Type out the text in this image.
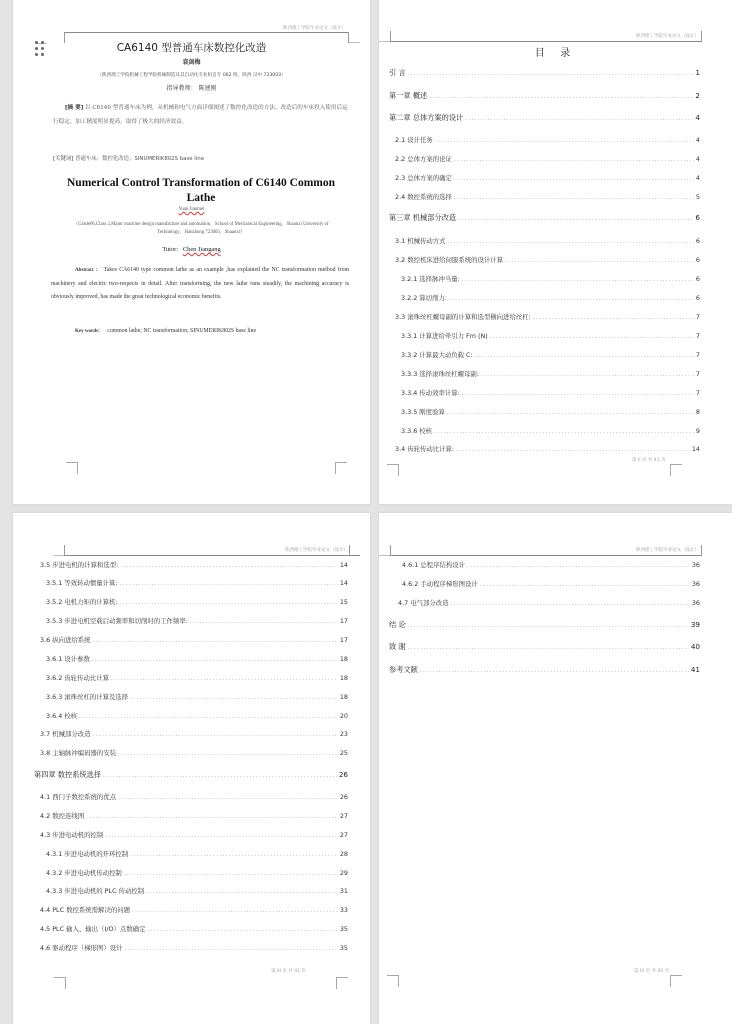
陕西理工学院毕业论文（设计）
CA6140 型普通车床数控化改造
袁剑梅
（陕西理工学院机械工程学院机械制造及其自动化专业机自专 062 班，陕西 汉中 723003）
指导教师： 陈建刚
[摘 要] 以 C6140 型普通车床为例，从机械和电气方面详细阐述了数控化改造的方法。改造后的车床投入使用后运行稳定，加工精度明显提高，取得了极大的经济效益。
[关键词] 普通车床；数控化改造；SINUMERIK802S base line
Numerical Control Transformation of C6140 Common Lathe
Yuan Jianmei
（Grade06,Class 2,Major machine design manufacture and automation，School of Mechanical Engineering，Shaanxi University of Technology，Hanzhong 723003，Shaanxi）
Tutor: Chen Jiangang
Abstract ： Takes CA6140 type common lathe as an example ,has explained the NC transformation method from machinery and electric two-respects in detail. After transforming, the new lathe runs steadily, the machining accuracy is obviously improved, has made the great technological economic benefits.
Key words： common lathe; NC transformation; SINUMERIK802S base line
陕西理工学院毕业论文（设计）
目 录
引 言 .....	1
第一章 概述 .....	2
第二章 总体方案的设计 .....	4
2.1 设计任务 .....	4
2.2 总体方案的论证 .....	4
2.3 总体方案的确定 .....	4
2.4 数控系统的选择 .....	5
第三章 机械部分改造 .....	6
3.1 机械传动方式 .....	6
3.2 数控机床进给伺服系统的设计计算 .....	6
3.2.1 选择脉冲当量: .....	6
3.2.2 算切削力: .....	6
3.3 滚珠丝杠螺母副的计算和选型横向进给丝杠: .....	7
3.3.1 计算进给牵引力 Fm (N) .....	7
3.3.2 计算最大动负载 C: .....	7
3.3.3 选择滚珠丝杠螺母副: .....	7
3.3.4 传动效率计算: .....	7
3.3.5 刚度验算 .....	8
3.3.6 校核 .....	9
3.4 齿轮传动比计算: .....	14
第 II 页 共 41 页
陕西理工学院毕业论文（设计）
3.5 步进电机的计算和选型: .....	14
3.5.1 等效转动惯量计算: .....	14
3.5.2 电机力矩的计算机: .....	15
3.5.3 步进电机空载启动频率和切削时的工作频率: .....	17
3.6 纵向进给系统 .....	17
3.6.1 设计参数 .....	18
3.6.2 齿轮传动比计算 .....	18
3.6.3 滚珠丝杠的计算及选择 .....	18
3.6.4 校核 .....	20
3.7 机械部分改造 .....	23
3.8 主轴脉冲编码器的安装 .....	25
第四章 数控系统选择 .....	26
4.1 西门子数控系统的优点 .....	26
4.2 数控连线图 .....	27
4.3 步进电动机的控制 .....	27
4.3.1 步进电动机的开环控制 .....	28
4.3.2 步进电动机传动控制 .....	29
4.3.3 步进电动机的 PLC 传动控制 .....	31
4.4 PLC 数控系统需解决的问题 .....	33
4.5 PLC 输入、输出（I/O）点数确定 .....	35
4.6 驱动程序（梯形图）设计 .....	35
第 III 页 共 41 页
陕西理工学院毕业论文（设计）
4.6.1 总程序结构设计 .....	36
4.6.2 手动程序梯形图设计 .....	36
4.7 电气部分改造 .....	36
结 论 .....	39
致 谢 .....	40
参考文献 .....	41
第 IV 页 共 41 页
